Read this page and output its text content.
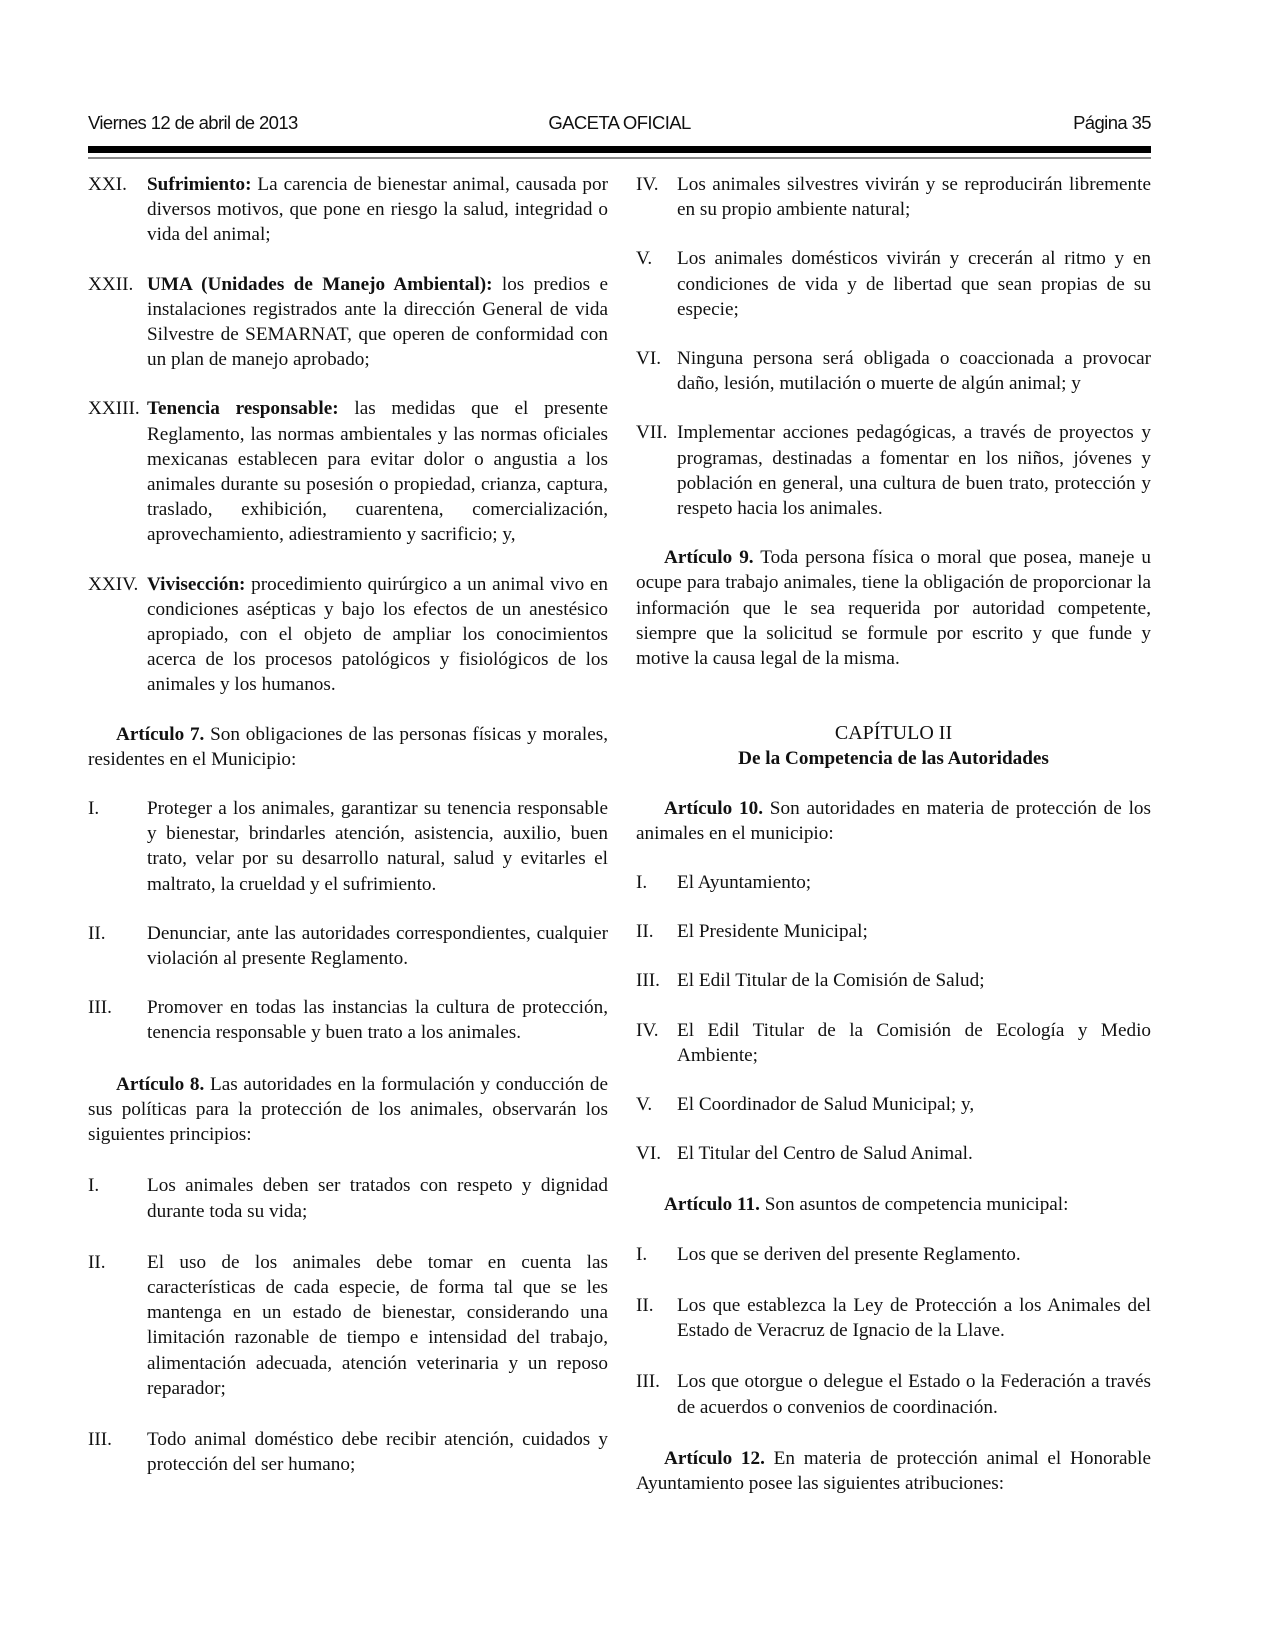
Viernes 12 de abril de 2013	GACETA OFICIAL	Página 35
XXI.	Sufrimiento: La carencia de bienestar animal, causada por diversos motivos, que pone en riesgo la salud, integridad o vida del animal;
XXII. UMA (Unidades de Manejo Ambiental): los predios e instalaciones registrados ante la dirección General de vida Silvestre de SEMARNAT, que operen de conformidad con un plan de manejo aprobado;
XXIII. Tenencia responsable: las medidas que el presente Reglamento, las normas ambientales y las normas oficiales mexicanas establecen para evitar dolor o angustia a los animales durante su posesión o propiedad, crianza, captura, traslado, exhibición, cuarentena, comercialización, aprovechamiento, adiestramiento y sacrificio; y,
XXIV. Vivisección: procedimiento quirúrgico a un animal vivo en condiciones asépticas y bajo los efectos de un anestésico apropiado, con el objeto de ampliar los conocimientos acerca de los procesos patológicos y fisiológicos de los animales y los humanos.
Artículo 7. Son obligaciones de las personas físicas y morales, residentes en el Municipio:
I.	Proteger a los animales, garantizar su tenencia responsable y bienestar, brindarles atención, asistencia, auxilio, buen trato, velar por su desarrollo natural, salud y evitarles el maltrato, la crueldad y el sufrimiento.
II.	Denunciar, ante las autoridades correspondientes, cualquier violación al presente Reglamento.
III.	Promover en todas las instancias la cultura de protección, tenencia responsable y buen trato a los animales.
Artículo 8. Las autoridades en la formulación y conducción de sus políticas para la protección de los animales, observarán los siguientes principios:
I.	Los animales deben ser tratados con respeto y dignidad durante toda su vida;
II.	El uso de los animales debe tomar en cuenta las características de cada especie, de forma tal que se les mantenga en un estado de bienestar, considerando una limitación razonable de tiempo e intensidad del trabajo, alimentación adecuada, atención veterinaria y un reposo reparador;
III.	Todo animal doméstico debe recibir atención, cuidados y protección del ser humano;
IV. Los animales silvestres vivirán y se reproducirán libremente en su propio ambiente natural;
V.	Los animales domésticos vivirán y crecerán al ritmo y en condiciones de vida y de libertad que sean propias de su especie;
VI. Ninguna persona será obligada o coaccionada a provocar daño, lesión, mutilación o muerte de algún animal; y
VII. Implementar acciones pedagógicas, a través de proyectos y programas, destinadas a fomentar en los niños, jóvenes y población en general, una cultura de buen trato, protección y respeto hacia los animales.
Artículo 9. Toda persona física o moral que posea, maneje u ocupe para trabajo animales, tiene la obligación de proporcionar la información que le sea requerida por autoridad competente, siempre que la solicitud se formule por escrito y que funde y motive la causa legal de la misma.
CAPÍTULO II
De la Competencia de las Autoridades
Artículo 10. Son autoridades en materia de protección de los animales en el municipio:
I.	El Ayuntamiento;
II.	El Presidente Municipal;
III. El Edil Titular de la Comisión de Salud;
IV. El Edil Titular de la Comisión de Ecología y Medio Ambiente;
V.	El Coordinador de Salud Municipal; y,
VI. El Titular del Centro de Salud Animal.
Artículo 11. Son asuntos de competencia municipal:
I.	Los que se deriven del presente Reglamento.
II.	Los que establezca la Ley de Protección a los Animales del Estado de Veracruz de Ignacio de la Llave.
III. Los que otorgue o delegue el Estado o la Federación a través de acuerdos o convenios de coordinación.
Artículo 12. En materia de protección animal el Honorable Ayuntamiento posee las siguientes atribuciones:
